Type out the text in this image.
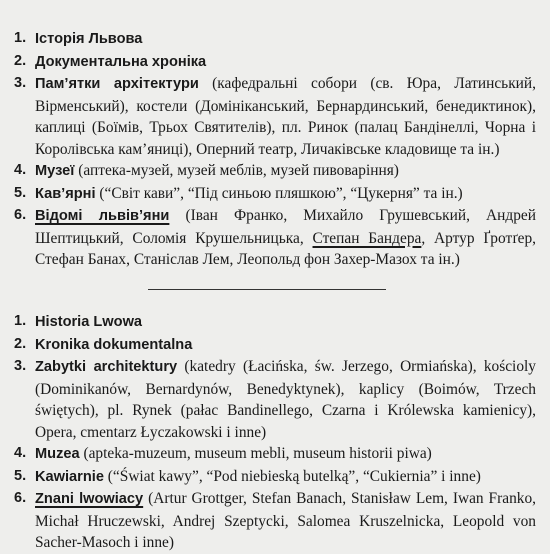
1. Історія Львова
2. Документальна хроніка
3. Пам’ятки архітектури (кафедральні собори (св. Юра, Латинський, Вірменський), костели (Домініканський, Бернардинський, бенедиктинок), каплиці (Боїмів, Трьох Святителів), пл. Ринок (палац Бандінеллі, Чорна і Королівська кам’яниці), Оперний театр, Личаківське кладовище та ін.)
4. Музеї (аптека-музей, музей меблів, музей пивоваріння)
5. Кав’ярні (“Світ кави”, “Під синьою пляшкою”, “Цукерня” та ін.)
6. Відомі львів’яни (Іван Франко, Михайло Грушевський, Андрей Шептицький, Соломія Крушельницька, Степан Бандера, Артур Ґротґер, Стефан Банах, Станіслав Лем, Леопольд фон Захер-Мазох та ін.)
1. Historia Lwowa
2. Kronika dokumentalna
3. Zabytki architektury (katedry (Łacińska, św. Jerzego, Ormiańska), kościoly (Dominikanów, Bernardynów, Benedyktynek), kaplicy (Boimów, Trzech świętych), pl. Rynek (pałac Bandinellego, Czarna i Królewska kamienicy), Opera, cmentarz Łyczakowski i inne)
4. Muzea (apteka-muzeum, museum mebli, museum historii piwa)
5. Kawiarnie (“Świat kawy”, “Pod niebieską butelką”, “Cukiernia” i inne)
6. Znani lwowiacy (Artur Grottger, Stefan Banach, Stanisław Lem, Iwan Franko, Michał Hruczewski, Andrej Szeptycki, Salomea Kruszelnicka, Leopold von Sacher-Masoch i inne)
